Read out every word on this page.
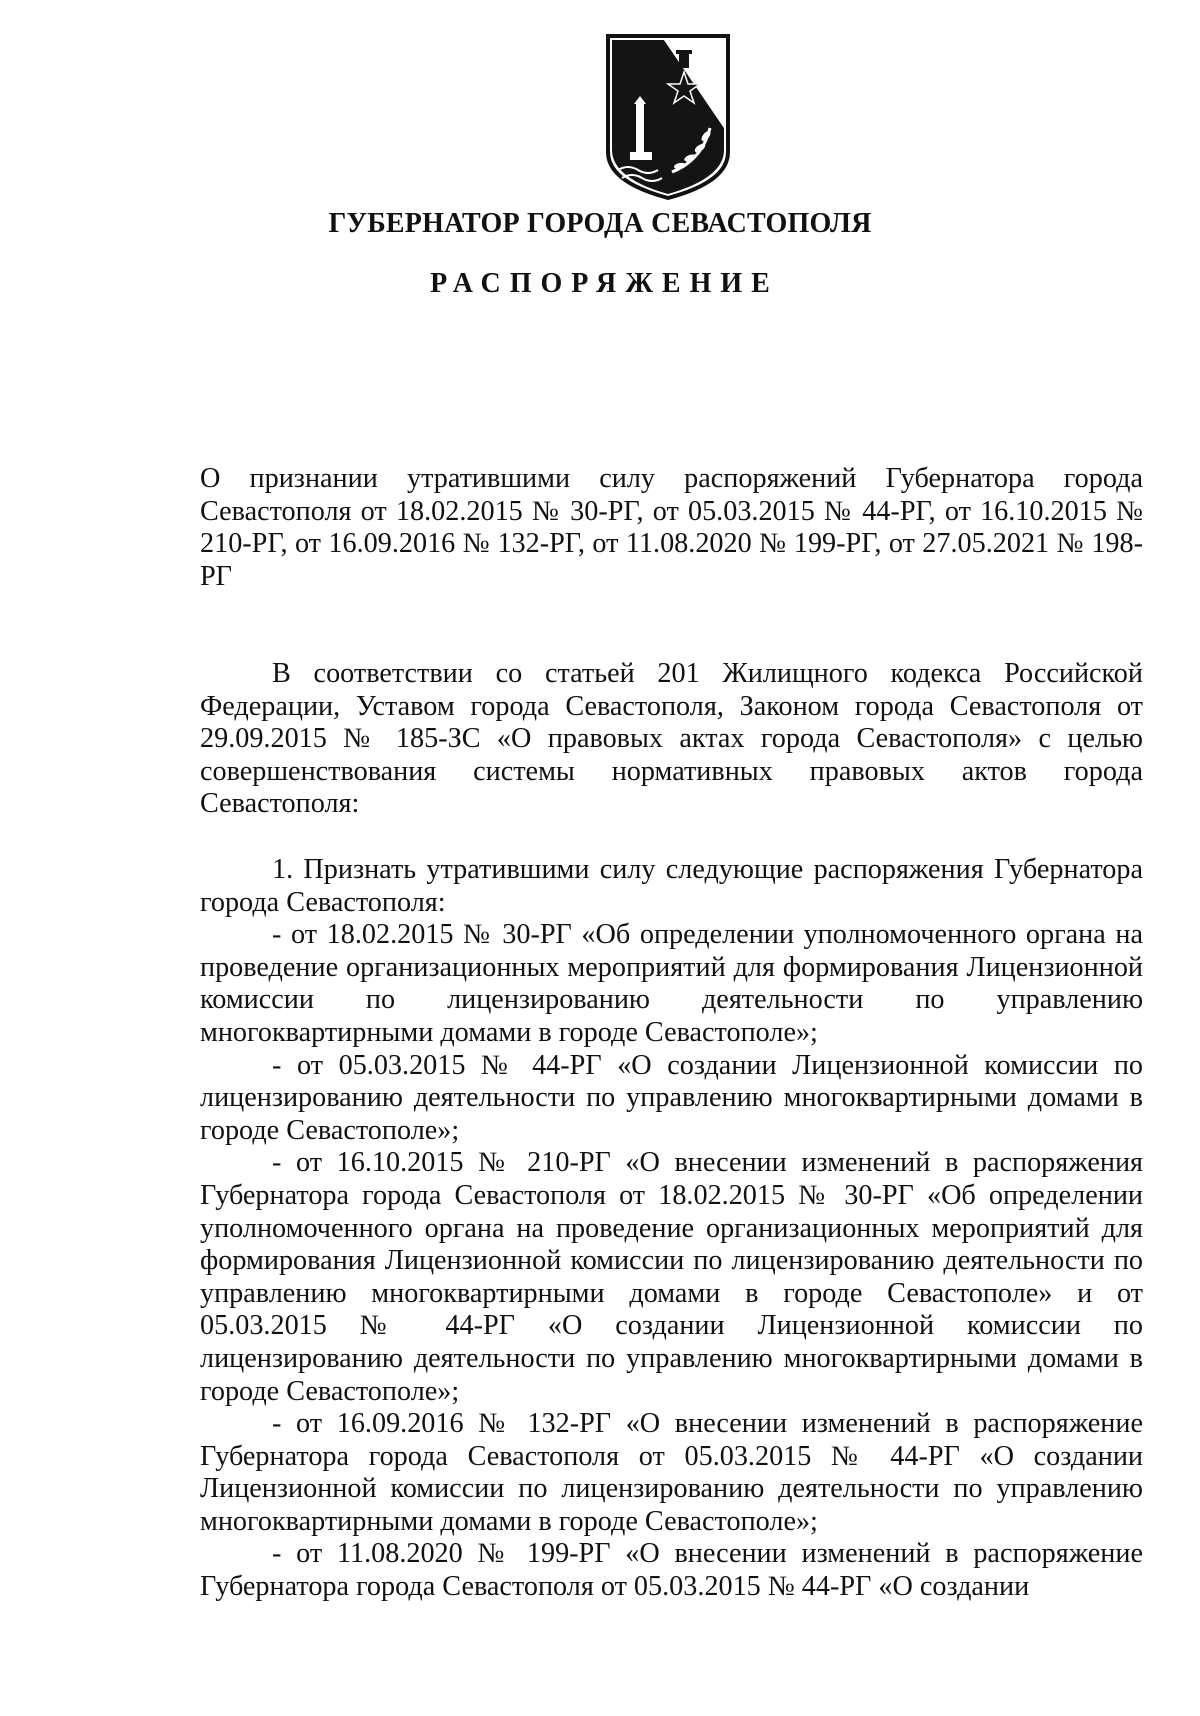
ГУБЕРНАТОР ГОРОДА СЕВАСТОПОЛЯ
РАСПОРЯЖЕНИЕ
О признании утратившими силу распоряжений Губернатора города Севастополя от 18.02.2015 № 30-РГ, от 05.03.2015 № 44-РГ, от 16.10.2015 № 210-РГ, от 16.09.2016 № 132-РГ, от 11.08.2020 № 199-РГ, от 27.05.2021 № 198-РГ

В соответствии со статьей 201 Жилищного кодекса Российской Федерации, Уставом города Севастополя, Законом города Севастополя от 29.09.2015 № 185-ЗС «О правовых актах города Севастополя» с целью совершенствования системы нормативных правовых актов города Севастополя:

1. Признать утратившими силу следующие распоряжения Губернатора города Севастополя:

- от 18.02.2015 № 30-РГ «Об определении уполномоченного органа на проведение организационных мероприятий для формирования Лицензионной комиссии по лицензированию деятельности по управлению многоквартирными домами в городе Севастополе»;

- от 05.03.2015 № 44-РГ «О создании Лицензионной комиссии по лицензированию деятельности по управлению многоквартирными домами в городе Севастополе»;

- от 16.10.2015 № 210-РГ «О внесении изменений в распоряжения Губернатора города Севастополя от 18.02.2015 № 30-РГ «Об определении уполномоченного органа на проведение организационных мероприятий для формирования Лицензионной комиссии по лицензированию деятельности по управлению многоквартирными домами в городе Севастополе» и от 05.03.2015 № 44-РГ «О создании Лицензионной комиссии по лицензированию деятельности по управлению многоквартирными домами в городе Севастополе»;

- от 16.09.2016 № 132-РГ «О внесении изменений в распоряжение Губернатора города Севастополя от 05.03.2015 № 44-РГ «О создании Лицензионной комиссии по лицензированию деятельности по управлению многоквартирными домами в городе Севастополе»;

- от 11.08.2020 № 199-РГ «О внесении изменений в распоряжение Губернатора города Севастополя от 05.03.2015 № 44-РГ «О создании
